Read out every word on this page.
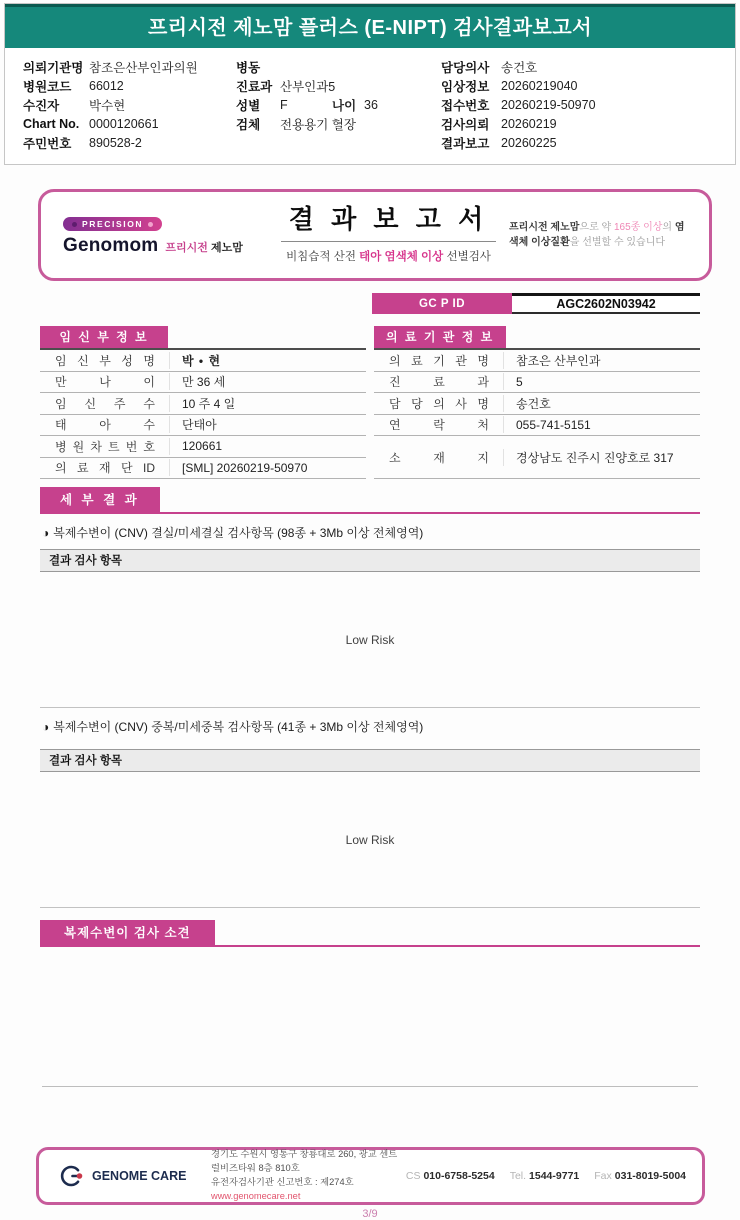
프리시전 제노맘 플러스 (E-NIPT) 검사결과보고서
의뢰기관명 참조은산부인과의원
병원코드	66012
수진자	박수현
Chart No. 0000120661
주민번호	890528-2
병동
진료과 산부인과5
성별	F	나이 36
검체	전용용기 혈장
담당의사 송건호
임상정보 20260219040
접수번호 20260219-50970
검사의뢰 20260219
결과보고 20260225
PRECISION
Genomom 프리시전 제노맘
결 과 보 고 서
비침습적 산전 태아 염색체 이상 선별검사
프리시전 제노맘으로 약 165종 이상의 염색체 이상질환을 선별할 수 있습니다
GC P ID	AGC2602N03942
임 신 부 정 보
임 신 부 성 명	박 • 현
만 나 이	만 36 세
임 신 주 수	10 주 4 일
태 아 수	단태아
병 원 차 트 번 호	120661
의 료 재 단 ID	[SML] 20260219-50970
의 료 기 관 정 보
의 료 기 관 명	참조은 산부인과
진 료 과	5
담 당 의 사 명	송건호
연 락 처	055-741-5151
소 재 지	경상남도 진주시 진양호로 317
세 부 결 과
◑ 복제수변이 (CNV) 결실/미세결실 검사항목 (98종 + 3Mb 이상 전체영역)
결과 검사 항목
Low Risk
◑ 복제수변이 (CNV) 중복/미세중복 검사항목 (41종 + 3Mb 이상 전체영역)
결과 검사 항목
Low Risk
복제수변이 검사 소견
GENOME CARE
경기도 수원시 영통구 창룡대로 260, 광교 센트럴비즈타워 8층 810호
유전자검사기관 신고번호 : 제274호
www.genomecare.net
CS 010-6758-5254 Tel. 1544-9771 Fax 031-8019-5004
3/9
